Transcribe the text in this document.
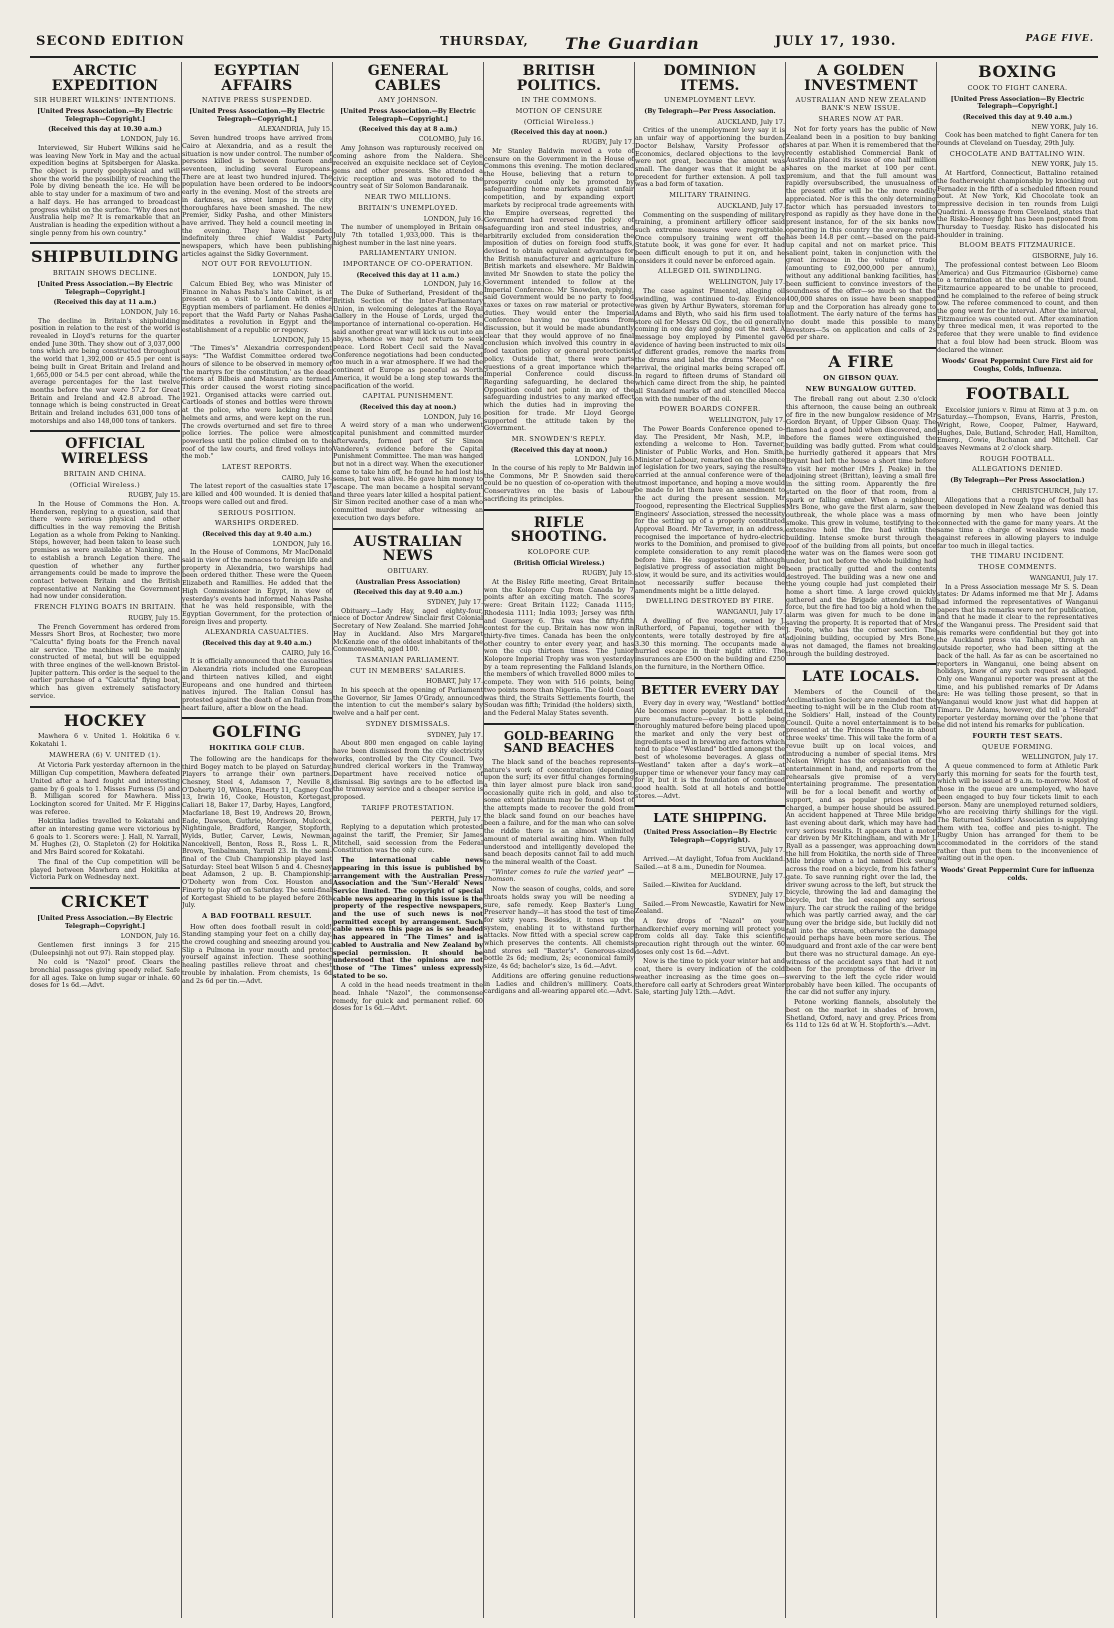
SECOND EDITION	THURSDAY, The Guardian	JULY 17, 1930.	PAGE FIVE.
ARCTIC EXPEDITION
SIR HUBERT WILKINS' INTENTIONS.
[United Press Association.—By Electric Telegraph—Copyright.]
(Received this day at 10.30 a.m.)
LONDON, July 16.
Interviewed, Sir Hubert Wilkins said he was leaving New York in May and the actual expedition begins at Spitsbergen for Alaska. The object is purely geophysical and will show the world the possibility of reaching the Pole by diving beneath the ice. He will be able to stay under for a maximum of two and a half days. He has arranged to broadcast progress whilst on the surface. "Why does not Australia help me? It is remarkable that an Australian is heading the expedition without a single penny from his own country."
SHIPBUILDING
BRITAIN SHOWS DECLINE.
[United Press Association.—By Electric Telegraph—Copyright.]
(Received this day at 11 a.m.)
LONDON, July 16.
The decline in Britain's shipbuilding position in relation to the rest of the world is revealed in Lloyd's returns for the quarter ended June 30th. They show out of 3,037,000 tons which are being constructed throughout the world that 1,392,000 or 45.5 per cent is being built in Great Britain and Ireland and 1,665,000 or 54.5 per cent abroad, while the average percentages for the last twelve months before the war were 57.2 for Great Britain and Ireland and 42.8 abroad. The tonnage which is being constructed in Great Britain and Ireland includes 631,000 tons of motorships and also 148,000 tons of tankers.
OFFICIAL WIRELESS
BRITAIN AND CHINA.
(Official Wireless.)
RUGBY, July 15.
In the House of Commons the Hon. A. Henderson, replying to a question, said that there were serious physical and other difficulties in the way removing the British Legation as a whole from Peking to Nanking. Steps, however, had been taken to lease such premises as were available at Nanking, and to establish a branch Legation there. The question of whether any further arrangements could be made to improve the contact between Britain and the British representative at Nanking the Government had now under consideration.
FRENCH FLYING BOATS IN BRITAIN.
RUGBY, July 15.
The French Government has ordered from Messrs Short Bros, at Rochester, two more "Calcutta" flying boats for the French naval air service. The machines will be mainly constructed of metal, but will be equipped with three engines of the well-known Bristol-Jupiter pattern. This order is the sequel to the earlier purchase of a "Calcutta" flying boat, which has given extremely satisfactory service.
HOCKEY
Mawhera 6 v. United 1. Hokitika 6 v. Kokatahi 1.
MAWHERA (6) V. UNITED (1).
At Victoria Park yesterday afternoon in the Milligan Cup competition, Mawhera defeated United after a hard fought and interesting game by 6 goals to 1. Misses Furness (5) and B. Milligan scored for Mawhera. Miss Lockington scored for United. Mr F. Higgins was referee.
Hokitika ladies travelled to Kokatahi and after an interesting game were victorious by 6 goals to 1. Scorers were: J. Hall, N. Yarrall, M. Hughes (2), O. Stapleton (2) for Hokitika and Mrs Baird scored for Kokatahi.
The final of the Cup competition will be played between Mawhera and Hokitika at Victoria Park on Wednesday next.
CRICKET
[United Press Association.—By Electric Telegraph—Copyright.]
LONDON, July 16.
Gentlemen first innings 3 for 215 (Duleepsinhji not out 97). Rain stopped play.
No cold is "Nazol" proof. Clears the bronchial passages giving speedy relief. Safe for all ages. Take on lump sugar or inhale. 60 doses for 1s 6d.—Advt.
EGYPTIAN AFFAIRS
NATIVE PRESS SUSPENDED.
[United Press Association.—By Electric Telegraph—Copyright.]
ALEXANDRIA, July 15.
Seven hundred troops have arrived from Cairo at Alexandria, and as a result the situation is now under control. The number of persons killed is between fourteen and seventeen, including several Europeans. There are at least two hundred injured. The population have been ordered to be indoors early in the evening. Most of the streets are in darkness, as street lamps in the city thoroughfares have been smashed. The new Premier, Sidky Pasha, and other Ministers have arrived. They held a council meeting in the evening. They have suspended indefinitely three chief Waldist Party newspapers, which have been publishing articles against the Sidky Government.
NOT OUT FOR REVOLUTION.
LONDON, July 15.
Calcum Ebied Bey, who was Minister of Finance in Nahas Pasha's late Cabinet, is at present on a visit to London with other Egyptian members of parliament. He denies a report that the Wafd Party or Nahas Pasha meditates a revolution in Egypt and the establishment of a republic or regency.
LONDON, July 15.
"The Times's" Alexandria correspondent says: "The Wafdist Committee ordered two hours of silence to be observed in memory of 'the martyrs for the constitution,' as the dead rioters at Bilbeis and Mansura are termed. This order caused the worst rioting since 1921. Organised attacks were carried out. Cartloads of stones and bottles were thrown at the police, who were lacking in steel helmets and arms, and were kept on the run. The crowds overturned and set fire to three police lorries. The police were almost powerless until the police climbed on to the roof of the law courts, and fired volleys into the mob."
LATEST REPORTS.
CAIRO, July 16.
The latest report of the casualties state 17 are killed and 400 wounded. It is denied that troops were called out and fired.
SERIOUS POSITION.
WARSHIPS ORDERED.
(Received this day at 9.40 a.m.)
LONDON, July 16.
In the House of Commons, Mr MacDonald said in view of the menaces to foreign life and property in Alexandria, two warships had been ordered thither. These were the Queen Elizabeth and Ramillies. He added that the High Commissioner in Egypt, in view of yesterday's events had informed Nahas Pasha that he was held responsible, with the Egyptian Government, for the protection of foreign lives and property.
ALEXANDRIA CASUALTIES.
(Received this day at 9.40 a.m.)
CAIRO, July 16.
It is officially announced that the casualties in Alexandria riots included one European and thirteen natives killed, and eight Europeans and one hundred and thirteen natives injured. The Italian Consul has protested against the death of an Italian from heart failure, after a blow on the head.
GOLFING
HOKITIKA GOLF CLUB.
The following are the handicaps for the third Bogey match to be played on Saturday. Players to arrange their own partners. Chesney, Steel 4, Adamson 7, Neville 8, O'Doherty 10, Wilson, Finerty 11, Cagney Cox 13, Irwin 16, Cooke, Houston, Kortegast, Caliari 18, Baker 17, Darby, Hayes, Langford, Macfarlane 18, Best 19, Andrews 20, Brown, Eade, Dawson, Guthrie, Morrison, Mulcock, Nightingale, Bradford, Ranger, Stopforth, Wylds, Butler, Carver, Lewis, Newman, Nancekivell, Benton, Ross R., Ross L. R., Brown, Tenbalmann, Yarrall 23. In the semi-final of the Club Championship played last Saturday: Steel beat Wilson 5 and 4. Chesney beat Adamson, 2 up. B. Championship: O'Doherty won from Cox. Houston and Finerty to play off on Saturday. The semi-final of Kortegast Shield to be played before 26th July.
A BAD FOOTBALL RESULT.
How often does football result in cold! Standing stamping your feet on a chilly day, the crowd coughing and sneezing around you. Slip a Pulmona in your mouth and protect yourself against infection. These soothing healing pastilles relieve throat and chest trouble by inhalation. From chemists, 1s 6d and 2s 6d per tin.—Advt.
GENERAL CABLES
AMY JOHNSON.
[United Press Association.—By Electric Telegraph—Copyright.]
(Received this day at 8 a.m.)
COLOMBO, July 16.
Amy Johnson was rapturously received on coming ashore from the Naldera. She received an exquisite necklace set of Ceylon gems and other presents. She attended a civic reception and was motored to the country seat of Sir Solomon Bandaranaik.
NEAR TWO MILLIONS.
BRITAIN'S UNEMPLOYED.
LONDON, July 16.
The number of unemployed in Britain on July 7th totalled 1,933,000. This is the highest number in the last nine years.
PARLIAMENTARY UNION.
IMPORTANCE OF CO-OPERATION.
(Received this day at 11 a.m.)
LONDON, July 16.
The Duke of Sutherland, President of the British Section of the Inter-Parliamentary Union, in welcoming delegates at the Royal Gallery in the House of Lords, urged the importance of international co-operation. He said another great war will kick us out into an abyss, whence we may not return to seek peace. Lord Robert Cecil said the Naval Conference negotiations had been conducted too much in a war atmosphere. If we had the continent of Europe as peaceful as North America, it would be a long step towards the pacification of the world.
CAPITAL PUNISHMENT.
(Received this day at noon.)
LONDON, July 16.
A weird story of a man who underwent capital punishment and committed murder afterwards, formed part of Sir Simon Vanderen's evidence before the Capital Punishment Committee. The man was hanged but not in a direct way. When the executioner came to take him off, he found he had lost his senses, but was alive. He gave him money to escape. The man became a hospital servant and three years later killed a hospital patient. Sir Simon recited another case of a man who committed murder after witnessing an execution two days before.
AUSTRALIAN NEWS
OBITUARY.
(Australian Press Association)
(Received this day at 9.40 a.m.)
SYDNEY, July 17.
Obituary.—Lady Hay, aged eighty-four, niece of Doctor Andrew Sinclair first Colonial Secretary of New Zealand. She married John Hay in Auckland. Also Mrs Margaret McKenzie one of the oldest inhabitants of the Commonwealth, aged 100.
TASMANIAN PARLIAMENT.
CUT IN MEMBERS' SALARIES.
HOBART, July 17.
In his speech at the opening of Parliament the Governor, Sir James O'Grady, announced the intention to cut the member's salary by twelve and a half per cent.
SYDNEY DISMISSALS.
SYDNEY, July 17.
About 800 men engaged on cable laying have been dismissed from the city electricity works, controlled by the City Council. Two hundred clerical workers in the Tramway Department have received notice of dismissal. Big savings are to be effected in the tramway service and a cheaper service is proposed.
TARIFF PROTESTATION.
PERTH, July 17.
Replying to a deputation which protested against the tariff, the Premier, Sir James Mitchell, said secession from the Federal Constitution was the only cure.
The international cable news appearing in this issue is published by arrangement with the Australian Press Association and the 'Sun'-'Herald' News Service limited. The copyright of special cable news appearing in this issue is the property of the respective newspapers, and the use of such news is not permitted except by arrangement. Such cable news on this page as is so headed has appeared in "The Times" and is cabled to Australia and New Zealand by special permission. It should be understood that the opinions are not those of "The Times" unless expressly stated to be so.
A cold in the head needs treatment in the head. Inhale "Nazol", the commonsense remedy, for quick and permanent relief. 60 doses for 1s 6d.—Advt.
BRITISH POLITICS.
IN THE COMMONS.
MOTION OF CENSURE
(Official Wireless.)
(Received this day at noon.)
RUGBY, July 17.
Mr Stanley Baldwin moved a vote of censure on the Government in the House of Commons this evening. The motion declared the House, believing that a return to prosperity could only be promoted by safeguarding home markets against unfair competition, and by expanding export markets by reciprocal trade agreements with the Empire overseas, regretted the Government had reversed the policy of safeguarding iron and steel industries, and arbitrarily excluded from consideration the imposition of duties on foreign food stuffs, devised to obtain equivalent advantages for the British manufacturer and agriculture in British markets and elsewhere. Mr Baldwin invited Mr Snowden to state the policy the Government intended to follow at the Imperial Conference. Mr Snowden, replying, said Government would be no party to food taxes or taxes on raw material or protective duties. They would enter the Imperial Conference having no questions from discussion, but it would be made abundantly clear that they would approve of no final conclusion which involved this country in a food taxation policy or general protectionist policy. Outside that, there were parts questions of a great importance which the Imperial Conference could discuss. Regarding safeguarding, he declared the Opposition could not point in any of the safeguarding industries to any marked effect which the duties had in improving the position for trade. Mr Lloyd George supported the attitude taken by the Government.
MR. SNOWDEN'S REPLY.
(Received this day at noon.)
LONDON, July 16.
In the course of his reply to Mr Baldwin in the Commons, Mr P. Snowden said there could be no question of co-operation with the Conservatives on the basis of Labour sacrificing its principles.
RIFLE SHOOTING.
KOLOPORE CUP.
(British Official Wireless.)
RUGBY, July 15.
At the Bisley Rifle meeting, Great Britain won the Kolopore Cup from Canada by 7 points after an exciting match. The scores were: Great Britain 1122; Canada 1115; Rhodesia 1111; India 1093; Jersey was fifth and Guernsey 6. This was the fifty-fifth contest for the cup. Britain has now won in thirty-five times. Canada has been the only other country to enter every year, and has won the cup thirteen times. The Junior Kolopore Imperial Trophy was won yesterday by a team representing the Falkland Islands, the members of which travelled 8000 miles to compete. They won with 516 points, being two points more than Nigeria. The Gold Coast was third, the Straits Settlements fourth, the Soudan was fifth; Trinidad (the holders) sixth, and the Federal Malay States seventh.
GOLD-BEARING SAND BEACHES
The black sand of the beaches represents nature's work of concentration (depending upon the surf; its ever fitful changes forming a thin layer almost pure black iron sand, occasionally quite rich in gold, and also to some extent platinum may be found. Most of the attempts made to recover the gold from the black sand found on our beaches have been a failure, and for the man who can solve the riddle there is an almost unlimited amount of material awaiting him. When fully understood and intelligently developed the sand beach deposits cannot fail to add much to the mineral wealth of the Coast.
"Winter comes to rule the varied year" —Thomson.
Now the season of coughs, colds, and sore throats holds sway you will be needing a sure, safe remedy. Keep Baxter's Lung Preserver handy—it has stood the test of time for sixty years. Besides, it tones up the system, enabling it to withstand further attacks. Now fitted with a special screw cap which preserves the contents. All chemists and stores sell "Baxter's". Generous-sized bottle 2s 6d; medium, 2s; economical family size, 4s 6d; bachelor's size, 1s 6d.—Advt.
Additions are offering genuine reductions in Ladies and children's millinery. Coats, cardigans and all-wearing apparel etc.—Advt.
DOMINION ITEMS.
UNEMPLOYMENT LEVY.
(By Telegraph—Per Press Association.
AUCKLAND, July 17.
Critics of the unemployment levy say it is an unfair way of apportioning the burden. Doctor Belshaw, Varsity Professor of Economics, declared objections to the levy were not great, because the amount was small. The danger was that it might be a precedent for further extension. A poll tax was a bad form of taxation.
MILITARY TRAINING.
AUCKLAND, July 17.
Commenting on the suspending of military training, a prominent artillery officer said such extreme measures were regrettable. Once compulsory training went off the Statute book, it was gone for ever. It had been difficult enough to put it on, and he considers it could never be enforced again.
ALLEGED OIL SWINDLING.
WELLINGTON, July 17.
The case against Pimentel, alleging oil swindling, was continued to-day. Evidence was given by Arthur Bywaters, storeman for Adams and Blyth, who said his firm used to store oil for Messrs Oil Coy., the oil generally coming in one day and going out the next. A message boy employed by Pimentel gave evidence of having been instructed to mix oils of different grades, remove the marks from the drums and label the drums "Mecca" on arrival, the original marks being scraped off. In regard to fifteen drums of Standard oil which came direct from the ship, he painted all Standard marks off and stencilled Mecca on with the number of the oil.
POWER BOARDS CONFER.
WELLINGTON, July 17.
The Power Boards Conference opened to-day. The President, Mr Nash, M.P., in extending a welcome to Hon. Taverner, Minister of Public Works, and Hon. Smith, Minister of Labour, remarked on the absence of legislation for two years, saying the results carried at the annual conference were of the utmost importance, and hoping a move would be made to let them have an amendment to the act during the present session. Mr Toogood, representing the Electrical Supplies Engineers' Association, stressed the necessity for the setting up of a properly constituted Approval Board. Mr Taverner, in an address, recognised the importance of hydro-electric works to the Dominion, and promised to give complete consideration to any remit placed before him. He suggested that although legislative progress of association might be slow, it would be sure, and its activities would not necessarily suffer because the amendments might be a little delayed.
DWELLING DESTROYED BY FIRE.
WANGANUI, July 17.
A dwelling of five rooms, owned by J. Rutherford, of Papanui, together with the contents, were totally destroyed by fire at 3.30 this morning. The occupants made a hurried escape in their night attire. The insurances are £500 on the building and £250 on the furniture, in the Northern Office.
BETTER EVERY DAY
Every day in every way, "Westland" bottled Ale becomes more popular. It is a splendid, pure manufacture—every bottle being thoroughly matured before being placed upon the market and only the very best of ingredients used in brewing are factors which tend to place "Westland" bottled amongst the best of wholesome beverages. A glass of "Westland" taken after a day's work—at supper time or whenever your fancy may call for it, but it is the foundation of continued good health. Sold at all hotels and bottle stores.—Advt.
LATE SHIPPING.
(United Press Association—By Electric Telegraph—Copyright).
SUVA, July 17.
Arrived.—At daylight, Tofua from Auckland. Sailed.—at 8 a.m., Dunedin for Noumea.
MELBOURNE, July 17.
Sailed.—Kiwitea for Auckland.
SYDNEY, July 17.
Sailed.—From Newcastle, Kawatiri for New Zealand.
A few drops of "Nazol" on your handkerchief every morning will protect you from colds all day. Take this scientific precaution right through out the winter. 60 doses only cost 1s 6d.—Advt.
Now is the time to pick your winter hat and coat, there is every indication of the cold weather increasing as the time goes on—therefore call early at Schroders great Winter Sale, starting July 12th.—Advt.
A GOLDEN INVESTMENT
AUSTRALIAN AND NEW ZEALAND BANK'S NEW ISSUE.
SHARES NOW AT PAR.
Not for forty years has the public of New Zealand been in a position to buy banking shares at par. When it is remembered that the recently established Commercial Bank of Australia placed its issue of one half million shares on the market at 100 per cent. premium, and that the full amount was rapidly oversubscribed, the unusualness of the present offer will be the more readily appreciated. Nor is this the only determining factor which has persuaded investors to respond as rapidly as they have done in the present instance, for of the six banks now operating in this country the average return has been 14.8 per cent.—based on the paid-up capital and not on market price. This salient point, taken in conjunction with the great increase in the volume of trade (amounting to £92,000,000 per annum), without any additional banking facilities, has been sufficient to convince investors of the soundness of the offer—so much so that the 400,000 shares on issue have been snapped up and the Corporation has already gone to allotment. The early nature of the terms has no doubt made this possible to many investors—5s on application and calls of 2s 6d per share.
A FIRE
ON GIBSON QUAY.
NEW BUNGALOW GUTTED.
The fireball rang out about 2.30 o'clock this afternoon, the cause being an outbreak of fire in the new bungalow residence of Mr Gordon Bryant, of Upper Gibson Quay. The flames had a good hold when discovered, and before the flames were extinguished the building was badly gutted. From what could be hurriedly gathered it appears that Mrs Bryant had left the house a short time before to visit her mother (Mrs J. Peake) in the adjoining street (Brittan), leaving a small fire in the sitting room. Apparently the fire started on the floor of that room, from a spark or falling ember. When a neighbour, Mrs Bone, who gave the first alarm, saw the outbreak, the whole place was a mass of smoke. This grew in volume, testifying to the extensive hold the fire had within the building. Intense smoke burst through the roof of the building from all points, but once the water was on the flames were soon got under, but not before the whole building had been practically gutted and the contents destroyed. The building was a new one and the young couple had just completed their home a short time. A large crowd quickly gathered and the Brigade attended in full force, but the fire had too big a hold when the alarm was given for much to be done in saving the property. It is reported that of Mrs J. Foote, who has the corner section. The adjoining building, occupied by Mrs Bone, was not damaged, the flames not breaking through the building destroyed.
LATE LOCALS.
Members of the Council of the Acclimatisation Society are reminded that the meeting to-night will be in the Club room at the Soldiers' Hall, instead of the County Council. Quite a novel entertainment is to be presented at the Princess Theatre in about three weeks' time. This will take the form of a revue built up on local voices, and introducing a number of special items. Mrs Nelson Wright has the organisation of the entertainment in hand, and reports from the rehearsals give promise of a very entertaining programme. The presentation will be for a local benefit and worthy of support, and as popular prices will be charged, a bumper house should be assured. An accident happened at Three Mile bridge last evening about dark, which may have had very serious results. It appears that a motor car driven by Mr Kitchingham, and with Mr J. Ryall as a passenger, was approaching down the hill from Hokitika, the north side of Three Mile bridge when a lad named Dick swung across the road on a bicycle, from his father's gate. To save running right over the lad, the driver swung across to the left, but struck the bicycle, throwing the lad and damaging the bicycle, but the lad escaped any serious injury. The car struck the railing of the bridge which was partly carried away, and the car hung over the bridge side, but luckily did not fall into the stream, otherwise the damage would perhaps have been more serious. The mudguard and front axle of the car were bent but there was no structural damage. An eye-witness of the accident says that had it not been for the promptness of the driver in swerving to the left the cycle rider would probably have been killed. The occupants of the car did not suffer any injury.
Petone working flannels, absolutely the best on the market in shades of brown, Shetland, Oxford, navy and grey. Prices from 6s 11d to 12s 6d at W. H. Stopforth's.—Advt.
BOXING
COOK TO FIGHT CANERA.
[United Press Association—By Electric Telegraph—Copyright.]
(Received this day at 9.40 a.m.)
NEW YORK, July 16.
Cook has been matched to fight Canera for ten rounds at Cleveland on Tuesday, 29th July.
CHOCOLATE AND BATTALINO WIN.
NEW YORK, July 15.
At Hartford, Connecticut, Battalino retained the featherweight championship by knocking out Fernadez in the fifth of a scheduled fifteen round bout. At New York, Kid Chocolate took an impressive decision in ten rounds from Luigi Quadrini. A message from Cleveland, states that the Risko-Heeney fight has been postponed from Thursday to Tuesday. Risko has dislocated his shoulder in training.
BLOOM BEATS FITZMAURICE.
GISBORNE, July 16.
The professional contest between Leo Bloom (America) and Gus Fitzmaurice (Gisborne) came to a termination at the end of the third round. Fitzmaurice appeared to be unable to proceed, and he complained to the referee of being struck low. The referee commenced to count, and then the gong went for the interval. After the interval, Fitzmaurice was counted out. After examination by three medical men, it was reported to the referee that they were unable to find evidence that a foul blow had been struck. Bloom was declared the winner.
Woods' Great Peppermint Cure First aid for Coughs, Colds, Influenza.
FOOTBALL
Excelsior juniors v. Rimu at Rimu at 3 p.m. on Saturday.—Thompson, Evans, Harris, Preston, Wright, Rowe, Cooper, Palmer, Hayward, Hughes, Dale, Butland, Schroder, Hall, Hamilton, Emerg., Cowie, Buchanan and Mitchell. Car leaves Newmans at 2 o'clock sharp.
ROUGH FOOTBALL.
ALLEGATIONS DENIED.
(By Telegraph—Per Press Association.)
CHRISTCHURCH, July 17.
Allegations that a rough type of football has been developed in New Zealand was denied this morning by men who have been jointly connected with the game for many years. At the same time a charge of weakness was made against referees in allowing players to indulge far too much in illegal tactics.
THE TIMARU INCIDENT.
THOSE COMMENTS.
WANGANUI, July 17.
In a Press Association message Mr S. S. Dean states: Dr Adams informed me that Mr J. Adams had informed the representatives of Wanganui papers that his remarks were not for publication, and that he made it clear to the representatives of the Wanganui press. The President said that his remarks were confidential but they got into the Auckland press via Taihape, through an outside reporter, who had been sitting at the back of the hall. As far as can be ascertained no reporters in Wanganui, one being absent on holidays, knew of any such request as alleged. Only one Wanganui reporter was present at the time, and his published remarks of Dr Adams are: He was telling those present, so that in Wanganui would know just what did happen at Timaru. Dr Adams, however, did tell a "Herald" reporter yesterday morning over the 'phone that he did not intend his remarks for publication.
FOURTH TEST SEATS.
QUEUE FORMING.
WELLINGTON, July 17.
A queue commenced to form at Athletic Park early this morning for seats for the fourth test, which will be issued at 9 a.m. to-morrow. Most of those in the queue are unemployed, who have been engaged to buy four tickets limit to each person. Many are unemployed returned soldiers, who are receiving thirty shillings for the vigil. The Returned Soldiers' Association is supplying them with tea, coffee and pies to-night. The Rugby Union has arranged for them to be accommodated in the corridors of the stand rather than put them to the inconvenience of waiting out in the open.
Woods' Great Peppermint Cure for influenza colds.
